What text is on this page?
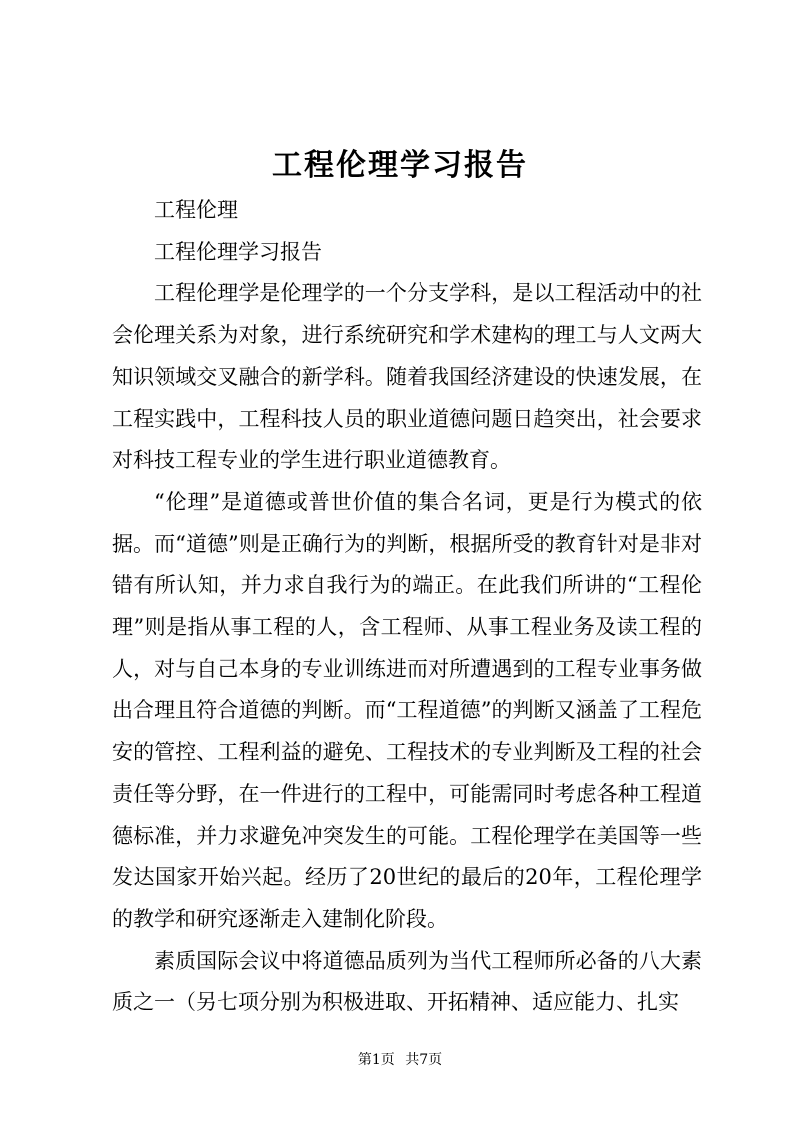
工程伦理学习报告

工程伦理

工程伦理学习报告

工程伦理学是伦理学的一个分支学科，是以工程活动中的社会伦理关系为对象，进行系统研究和学术建构的理工与人文两大知识领域交叉融合的新学科。随着我国经济建设的快速发展，在工程实践中，工程科技人员的职业道德问题日趋突出，社会要求对科技工程专业的学生进行职业道德教育。

“伦理”是道德或普世价值的集合名词，更是行为模式的依据。而“道德”则是正确行为的判断，根据所受的教育针对是非对错有所认知，并力求自我行为的端正。在此我们所讲的“工程伦理”则是指从事工程的人，含工程师、从事工程业务及读工程的人，对与自己本身的专业训练进而对所遭遇到的工程专业事务做出合理且符合道德的判断。而“工程道德”的判断又涵盖了工程危安的管控、工程利益的避免、工程技术的专业判断及工程的社会责任等分野，在一件进行的工程中，可能需同时考虑各种工程道德标准，并力求避免冲突发生的可能。工程伦理学在美国等一些发达国家开始兴起。经历了20世纪的最后的20年，工程伦理学的教学和研究逐渐走入建制化阶段。

素质国际会议中将道德品质列为当代工程师所必备的八大素质之一（另七项分别为积极进取、开拓精神、适应能力、扎实

第1页 共7页
